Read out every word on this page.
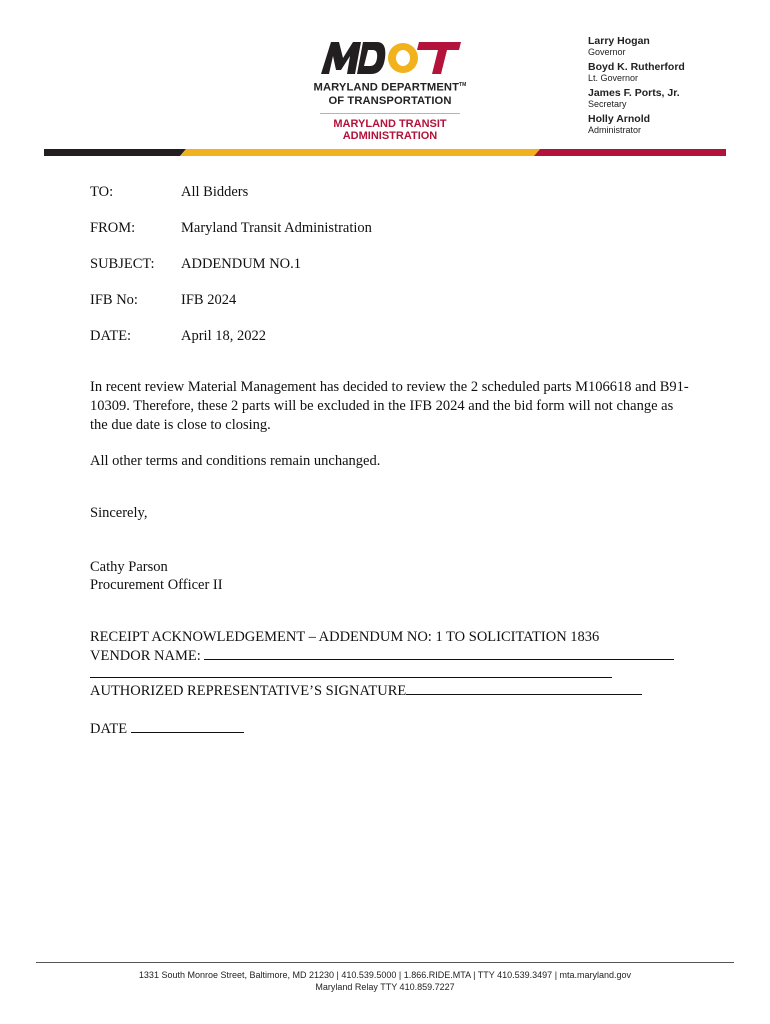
MARYLAND DEPARTMENT™
OF TRANSPORTATION
MARYLAND TRANSIT
ADMINISTRATION
Larry Hogan
Governor
Boyd K. Rutherford
Lt. Governor
James F. Ports, Jr.
Secretary
Holly Arnold
Administrator
TO:	All Bidders
FROM:	Maryland Transit Administration
SUBJECT: ADDENDUM NO.1
IFB No:	IFB 2024
DATE:	April 18, 2022
In recent review Material Management has decided to review the 2 scheduled parts M106618 and B91-10309. Therefore, these 2 parts will be excluded in the IFB 2024 and the bid form will not change as the due date is close to closing.
All other terms and conditions remain unchanged.
Sincerely,
Cathy Parson
Procurement Officer II
RECEIPT ACKNOWLEDGEMENT – ADDENDUM NO: 1 TO SOLICITATION 1836
VENDOR NAME:
AUTHORIZED REPRESENTATIVE’S SIGNATURE
DATE
1331 South Monroe Street, Baltimore, MD 21230 | 410.539.5000 | 1.866.RIDE.MTA | TTY 410.539.3497 | mta.maryland.gov
Maryland Relay TTY 410.859.7227
